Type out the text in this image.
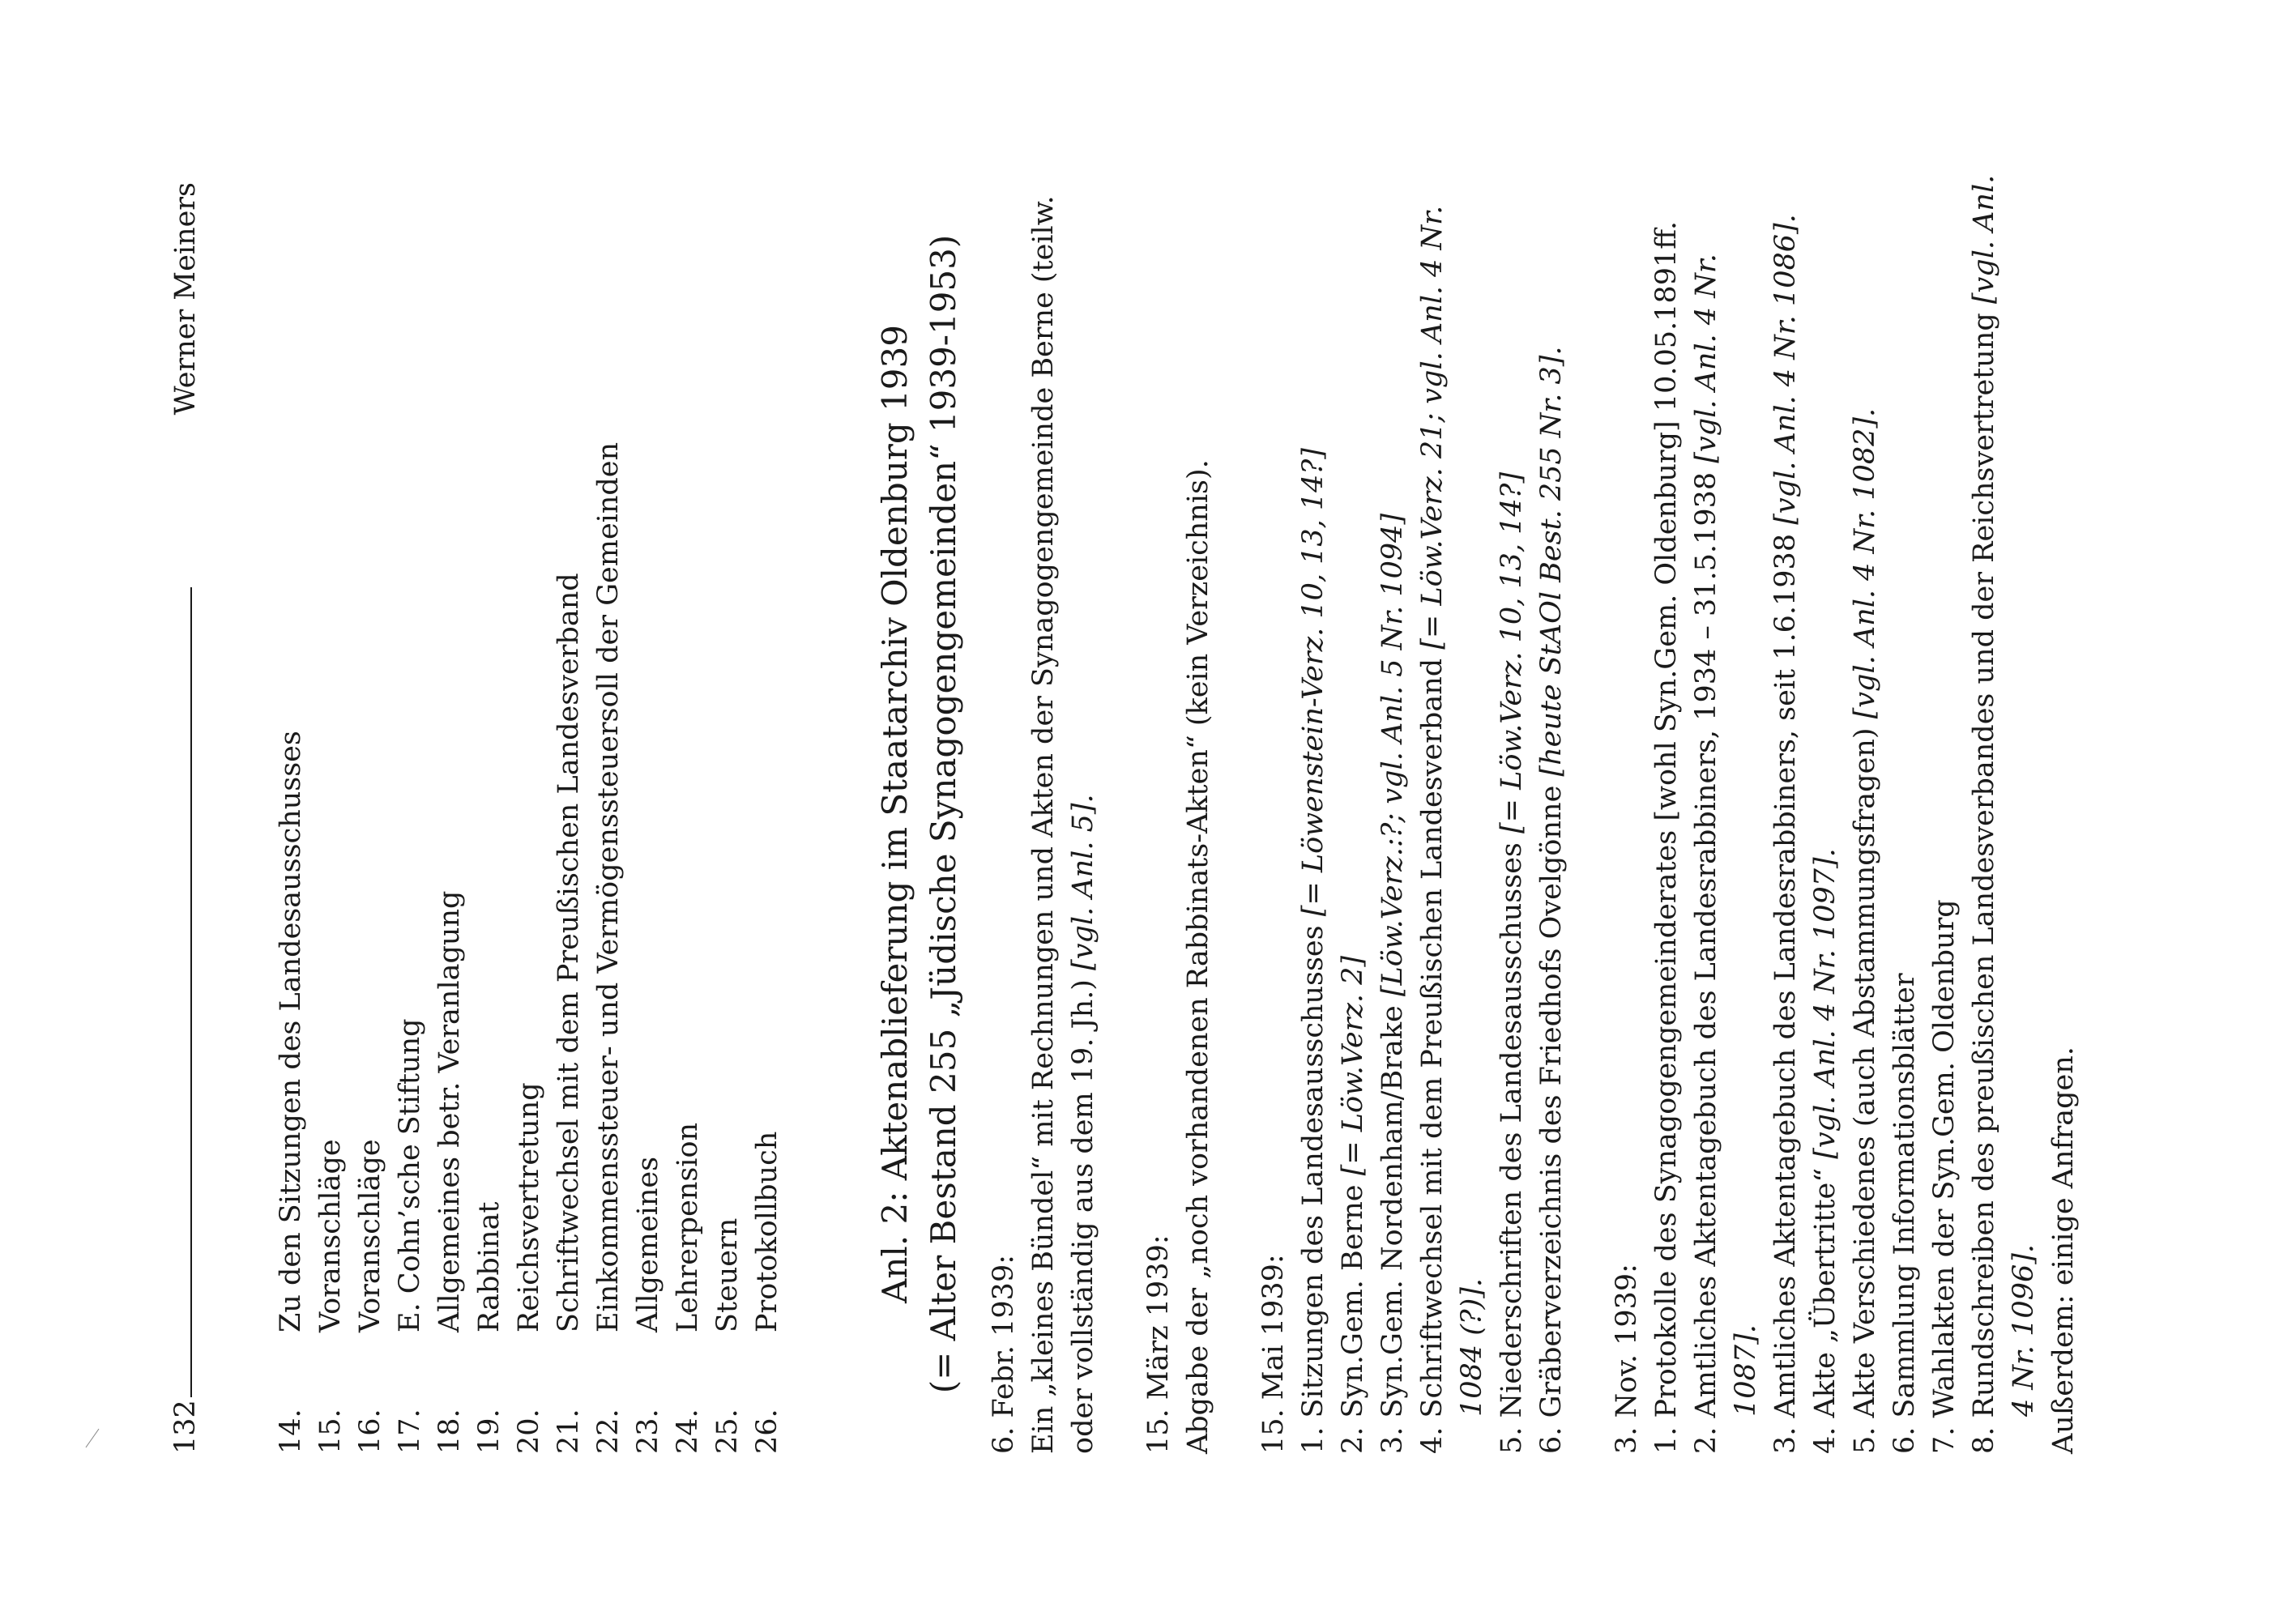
132
Werner Meiners
14.
Zu den Sitzungen des Landesausschusses
15.
Voranschläge
16.
Voranschläge
17.
E. Cohn’sche Stiftung
18.
Allgemeines betr. Veranlagung
19.
Rabbinat
20.
Reichsvertretung
21.
Schriftwechsel mit dem Preußischen Landesverband
22.
Einkommenssteuer- und Vermögenssteuersoll der Gemeinden
23.
Allgemeines
24.
Lehrerpension
25.
Steuern
26.
Protokollbuch	Anl. 2: Aktenablieferung im Staatarchiv Oldenburg 1939 (= Alter Bestand 255 „Jüdische Synagogengemeinden“ 1939-1953) 6. Febr. 1939: Ein „kleines Bündel“ mit Rechnungen und Akten der Synagogengemeinde Berne (teilw. oder vollständig aus dem 19. Jh.) [vgl. Anl. 5].
15. März 1939: Abgabe der „noch vorhandenen Rabbinats-Akten“ (kein Verzeichnis). 15. Mai 1939: 1. Sitzungen des Landesausschusses [= Löwenstein-Verz. 10, 13, 14?]
2. Syn.Gem. Berne [= Löw.Verz. 2] 3. Syn.Gem. Nordenham/Brake [Löw.Verz.:?; vgl. Anl. 5 Nr. 1094] 4. Schriftwechsel mit dem Preußischen Landesverband [= Löw.Verz. 21; vgl. Anl. 4 Nr. 1084 (?)]. 5. Niederschriften des Landesausschusses [= Löw.Verz. 10, 13, 14?]
6. Gräberverzeichnis des Friedhofs Ovelgönne [heute StAOl Best. 255 Nr. 3].
3. Nov. 1939: 1. Protokolle des Synagogengemeinderates [wohl Syn.Gem. Oldenburg] 10.05.1891ff. 2. Amtliches Aktentagebuch des Landesrabbiners, 1934 – 31.5.1938 [vgl. Anl. 4 Nr. 1087]. 3. Amtliches Aktentagebuch des Landesrabbiners, seit 1.6.1938 [vgl. Anl. 4 Nr. 1086].
4. Akte „Übertritte“ [vgl. Anl. 4 Nr. 1097]. 5. Akte Verschiedenes (auch Abstammungsfragen) [vgl. Anl. 4 Nr. 1082].
6. Sammlung Informationsblätter 7. Wahlakten der Syn.Gem. Oldenburg 8. Rundschreiben des preußischen Landesverbandes und der Reichsvertretung [vgl. Anl. 4 Nr. 1096]. Außerdem: einige Anfragen.
